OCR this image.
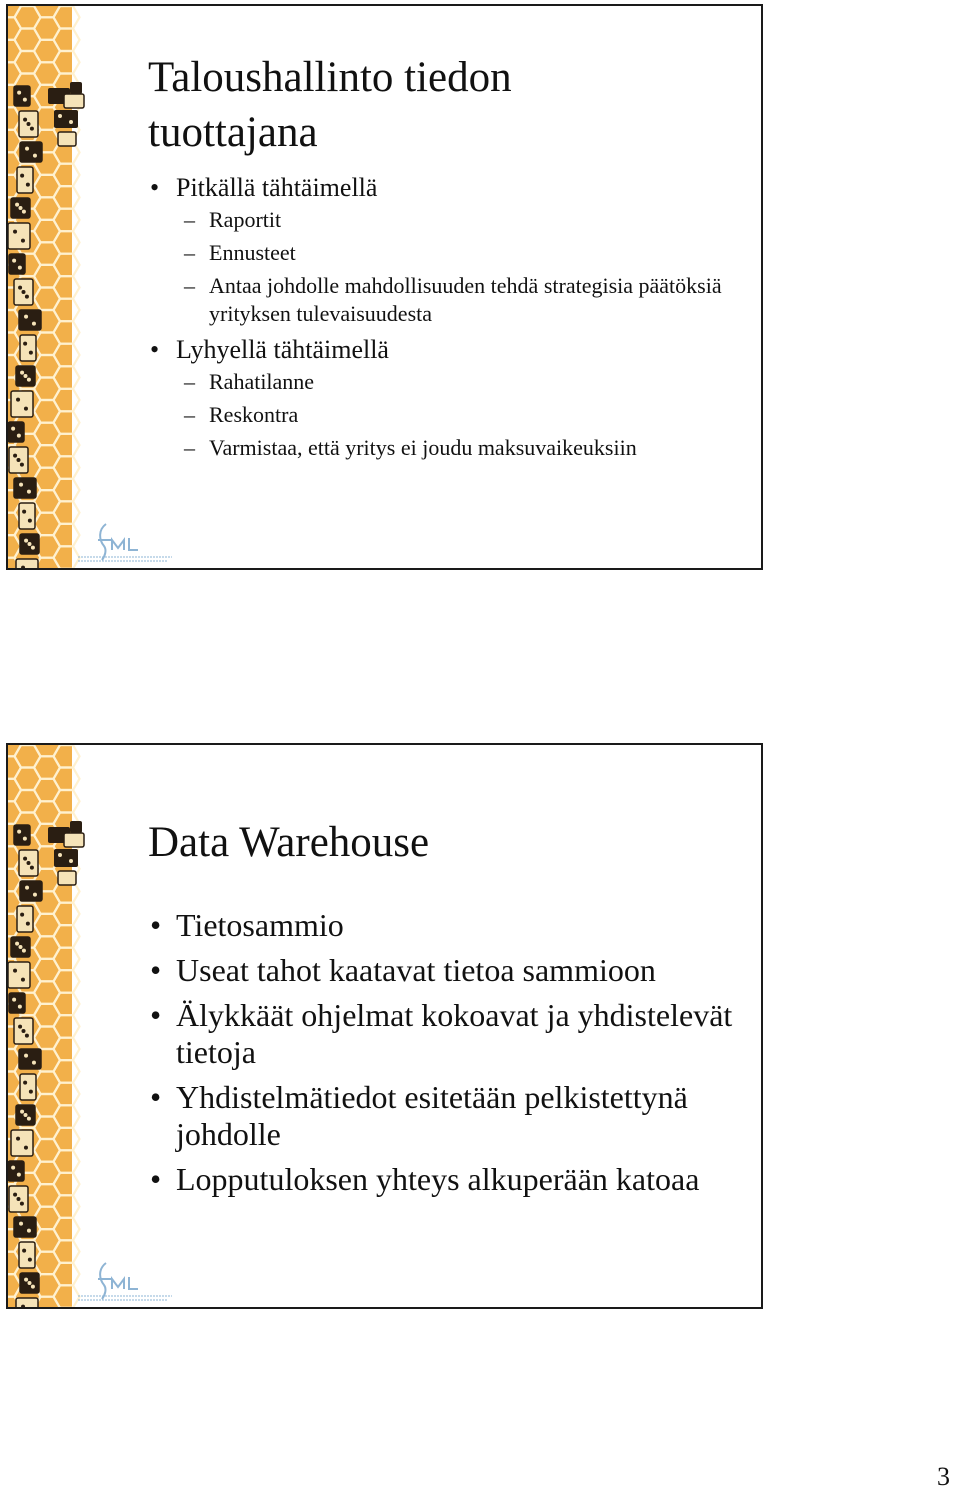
Taloushallinto tiedon tuottajana
• Pitkällä tähtäimellä
– Raportit
– Ennusteet
– Antaa johdolle mahdollisuuden tehdä strategisia päätöksiä yrityksen tulevaisuudesta
• Lyhyellä tähtäimellä
– Rahatilanne
– Reskontra
– Varmistaa, että yritys ei joudu maksuvaikeuksiin
Data Warehouse
• Tietosammio
• Useat tahot kaatavat tietoa sammioon
• Älykkäät ohjelmat kokoavat ja yhdistelevät tietoja
• Yhdistelmätiedot esitetään pelkistettynä johdolle
• Lopputuloksen yhteys alkuperään katoaa
3
